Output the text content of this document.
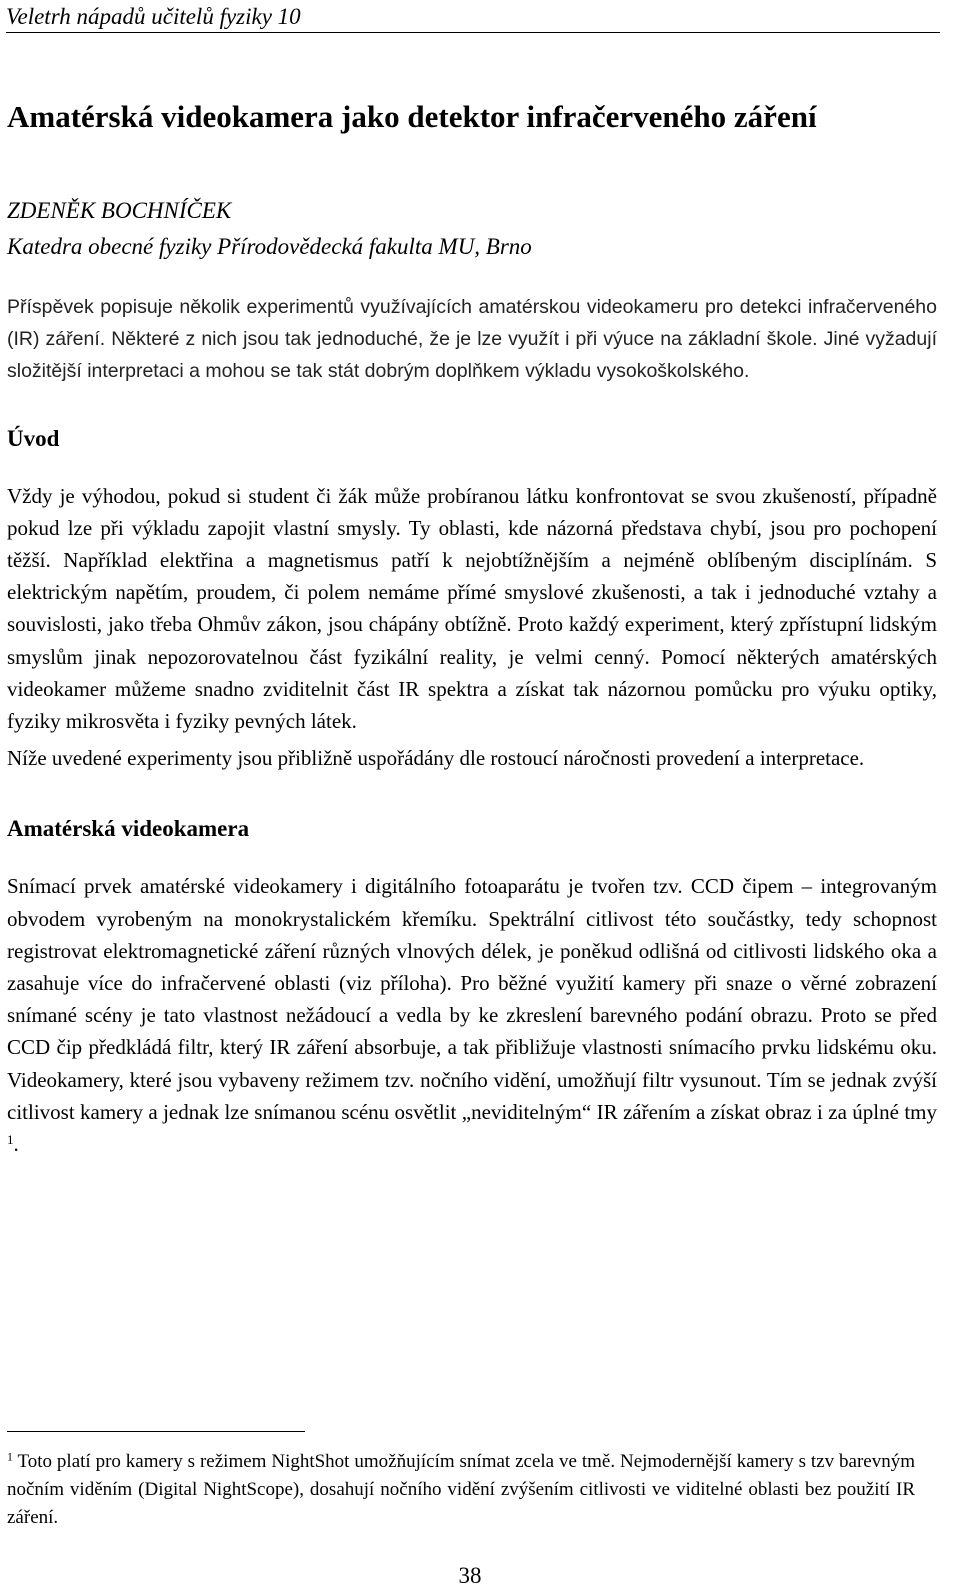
Veletrh nápadů učitelů fyziky 10
Amatérská videokamera jako detektor infračerveného záření
ZDENĚK BOCHNÍČEK
Katedra obecné fyziky Přírodovědecká fakulta MU, Brno

Příspěvek popisuje několik experimentů využívajících amatérskou videokameru pro detekci infračerveného (IR) záření. Některé z nich jsou tak jednoduché, že je lze využít i při výuce na základní škole. Jiné vyžadují složitější interpretaci a mohou se tak stát dobrým doplňkem výkladu vysokoškolského.

Úvod

Vždy je výhodou, pokud si student či žák může probíranou látku konfrontovat se svou zkušeností, případně pokud lze při výkladu zapojit vlastní smysly. Ty oblasti, kde názorná představa chybí, jsou pro pochopení těžší. Například elektřina a magnetismus patří k nejobtížnějším a nejméně oblíbeným disciplínám. S elektrickým napětím, proudem, či polem nemáme přímé smyslové zkušenosti, a tak i jednoduché vztahy a souvislosti, jako třeba Ohmův zákon, jsou chápány obtížně. Proto každý experiment, který zpřístupní lidským smyslům jinak nepozorovatelnou část fyzikální reality, je velmi cenný. Pomocí některých amatérských videokamer můžeme snadno zviditelnit část IR spektra a získat tak názornou pomůcku pro výuku optiky, fyziky mikrosvěta i fyziky pevných látek.

Níže uvedené experimenty jsou přibližně uspořádány dle rostoucí náročnosti provedení a interpretace.

Amatérská videokamera

Snímací prvek amatérské videokamery i digitálního fotoaparátu je tvořen tzv. CCD čipem – integrovaným obvodem vyrobeným na monokrystalickém křemíku. Spektrální citlivost této součástky, tedy schopnost registrovat elektromagnetické záření různých vlnových délek, je poněkud odlišná od citlivosti lidského oka a zasahuje více do infračervené oblasti (viz příloha). Pro běžné využití kamery při snaze o věrné zobrazení snímané scény je tato vlastnost nežádoucí a vedla by ke zkreslení barevného podání obrazu. Proto se před CCD čip předkládá filtr, který IR záření absorbuje, a tak přibližuje vlastnosti snímacího prvku lidskému oku. Videokamery, které jsou vybaveny režimem tzv. nočního vidění, umožňují filtr vysunout. Tím se jednak zvýší citlivost kamery a jednak lze snímanou scénu osvětlit „neviditelným“ IR zářením a získat obraz i za úplné tmy $^1$.

$^1$ Toto platí pro kamery s režimem NightShot umožňujícím snímat zcela ve tmě. Nejmodernější kamery s tzv barevným nočním viděním (Digital NightScope), dosahují nočního vidění zvýšením citlivosti ve viditelné oblasti bez použití IR záření.
38
